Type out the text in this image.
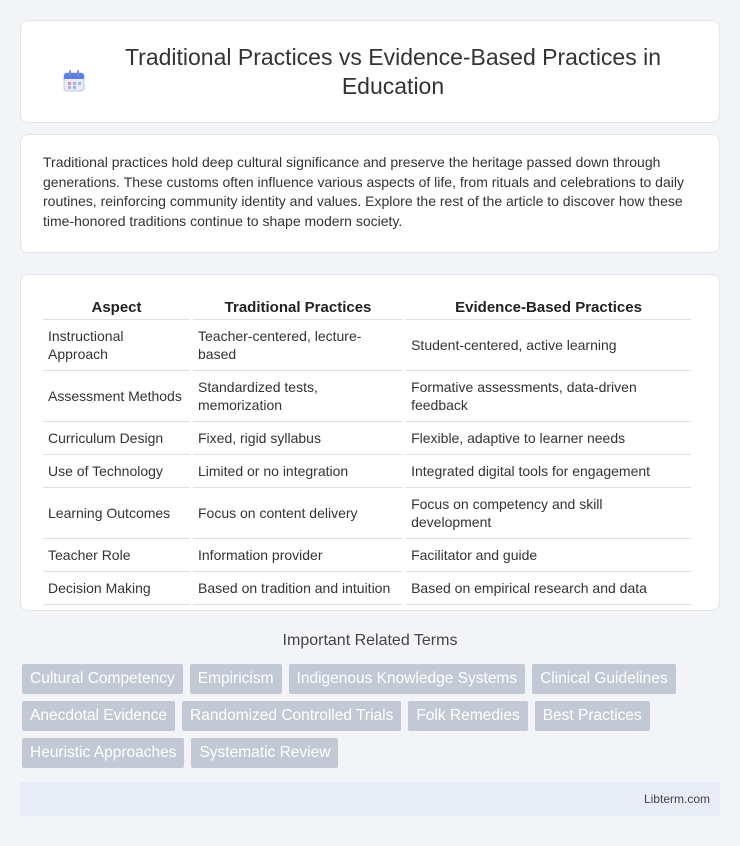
Traditional Practices vs Evidence-Based Practices in Education

Traditional practices hold deep cultural significance and preserve the heritage passed down through generations. These customs often influence various aspects of life, from rituals and celebrations to daily routines, reinforcing community identity and values. Explore the rest of the article to discover how these time-honored traditions continue to shape modern society.

Aspect	Traditional Practices	Evidence-Based Practices
Instructional Approach	Teacher-centered, lecture-based	Student-centered, active learning
Assessment Methods	Standardized tests, memorization	Formative assessments, data-driven feedback
Curriculum Design	Fixed, rigid syllabus	Flexible, adaptive to learner needs
Use of Technology	Limited or no integration	Integrated digital tools for engagement
Learning Outcomes	Focus on content delivery	Focus on competency and skill development
Teacher Role	Information provider	Facilitator and guide
Decision Making	Based on tradition and intuition	Based on empirical research and data
Important Related Terms
Cultural Competency	Empiricism	Indigenous Knowledge Systems	Clinical Guidelines
Anecdotal Evidence	Randomized Controlled Trials	Folk Remedies	Best Practices
Heuristic Approaches	Systematic Review
Libterm.com
